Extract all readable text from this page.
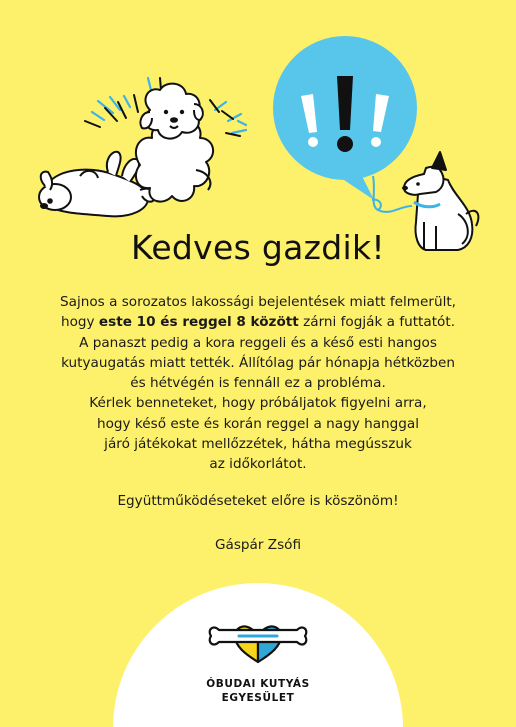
Kedves gazdik!

Sajnos a sorozatos lakossági bejelentések miatt felmerült,

hogy este 10 és reggel 8 között zárni fogják a futtatót.

A panaszt pedig a kora reggeli és a késő esti hangos

kutyaugatás miatt tették. Állítólag pár hónapja hétközben

és hétvégén is fennáll ez a probléma.

Kérlek benneteket, hogy próbáljatok figyelni arra,

hogy késő este és korán reggel a nagy hanggal

járó játékokat mellőzzétek, hátha megússzuk

az időkorlátot.

Együttműködéseteket előre is köszönöm!
Gáspár Zsófi
ÓBUDAI KUTYÁS
EGYESÜLET
